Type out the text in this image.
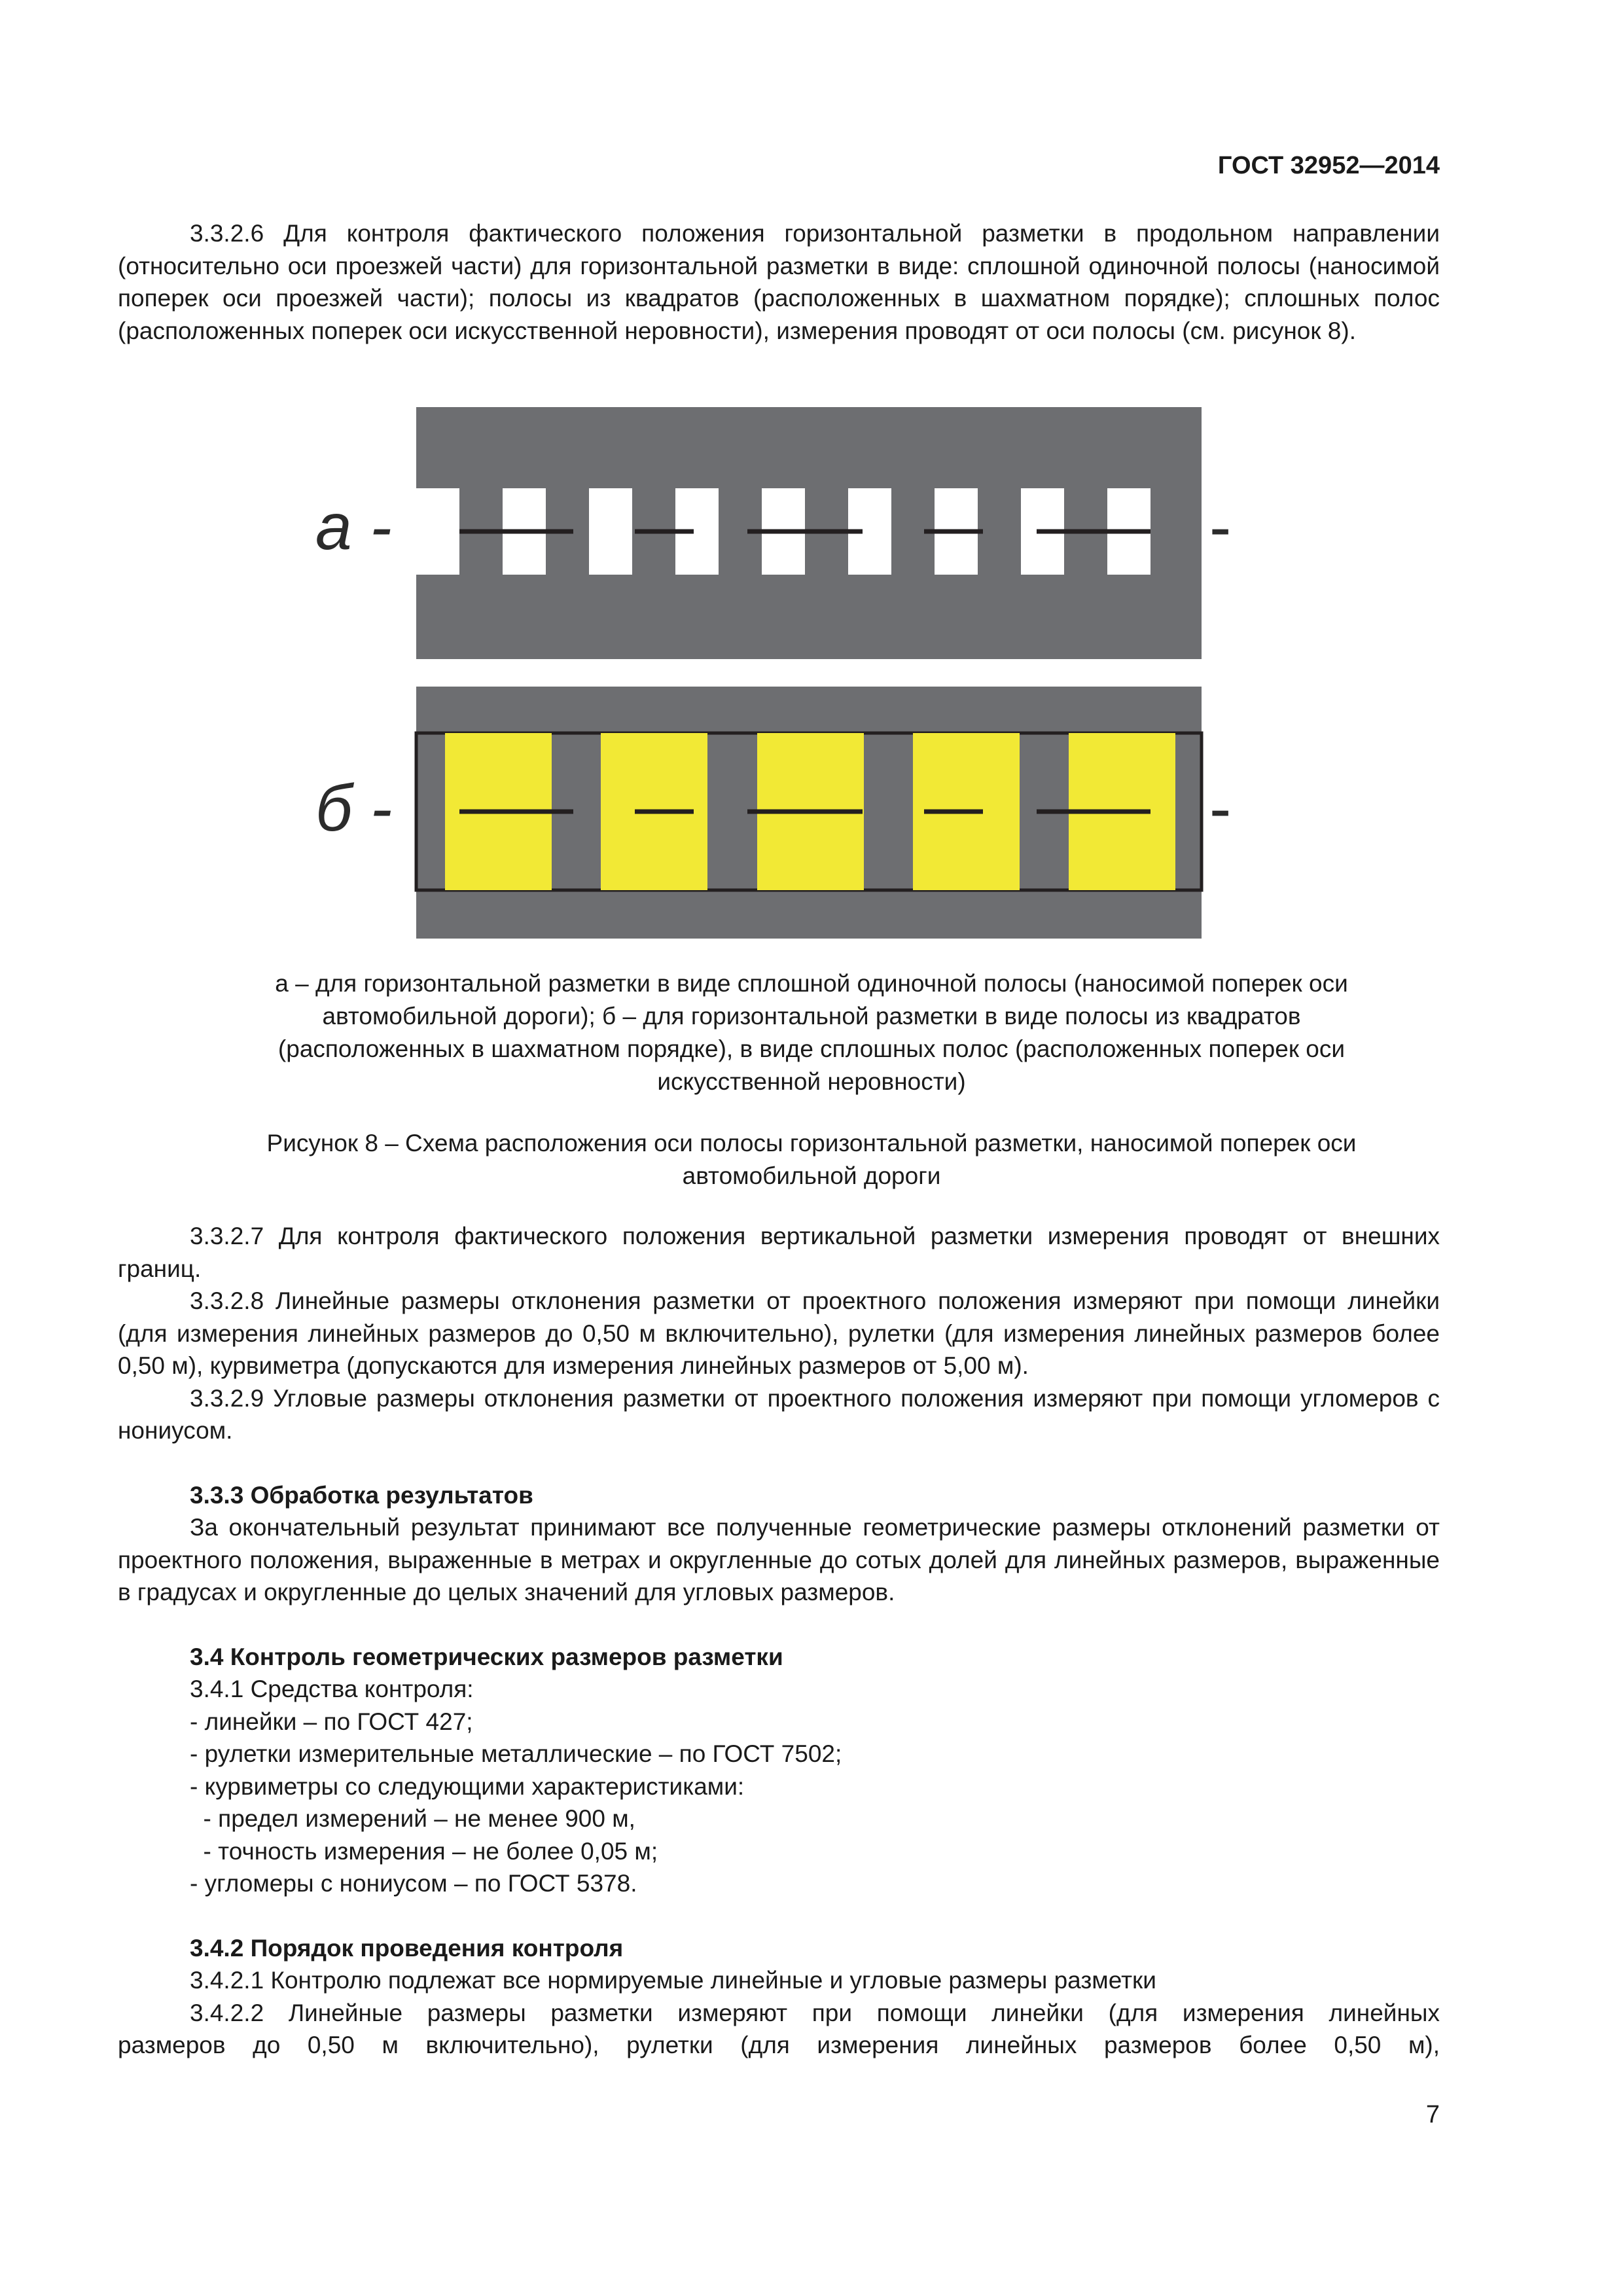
ГОСТ 32952—2014

3.3.2.6 Для контроля фактического положения горизонтальной разметки в продольном направлении (относительно оси проезжей части) для горизонтальной разметки в виде: сплошной одиночной полосы (наносимой поперек оси проезжей части); полосы из квадратов (расположенных в шахматном порядке); сплошных полос (расположенных поперек оси искусственной неровности), измерения проводят от оси полосы (см. рисунок 8).

а -	-
б -	-
а – для горизонтальной разметки в виде сплошной одиночной полосы (наносимой поперек оси
автомобильной дороги); б – для горизонтальной разметки в виде полосы из квадратов
(расположенных в шахматном порядке), в виде сплошных полос (расположенных поперек оси
искусственной неровности)
Рисунок 8 – Схема расположения оси полосы горизонтальной разметки, наносимой поперек оси
автомобильной дороги

3.3.2.7 Для контроля фактического положения вертикальной разметки измерения проводят от внешних границ.

3.3.2.8 Линейные размеры отклонения разметки от проектного положения измеряют при помощи линейки (для измерения линейных размеров до 0,50 м включительно), рулетки (для измерения линейных размеров более 0,50 м), курвиметра (допускаются для измерения линейных размеров от 5,00 м).

3.3.2.9 Угловые размеры отклонения разметки от проектного положения измеряют при помощи угломеров с нониусом.

3.3.3 Обработка результатов

За окончательный результат принимают все полученные геометрические размеры отклонений разметки от проектного положения, выраженные в метрах и округленные до сотых долей для линейных размеров, выраженные в градусах и округленные до целых значений для угловых размеров.

3.4 Контроль геометрических размеров разметки

3.4.1 Средства контроля:

- линейки – по ГОСТ 427;

- рулетки измерительные металлические – по ГОСТ 7502;

- курвиметры со следующими характеристиками:

- предел измерений – не менее 900 м,

- точность измерения – не более 0,05 м;

- угломеры с нониусом – по ГОСТ 5378.

3.4.2 Порядок проведения контроля

3.4.2.1 Контролю подлежат все нормируемые линейные и угловые размеры разметки

3.4.2.2 Линейные размеры разметки измеряют при помощи линейки (для измерения линейных

размеров до 0,50 м включительно), рулетки (для измерения линейных размеров более 0,50 м),

7
